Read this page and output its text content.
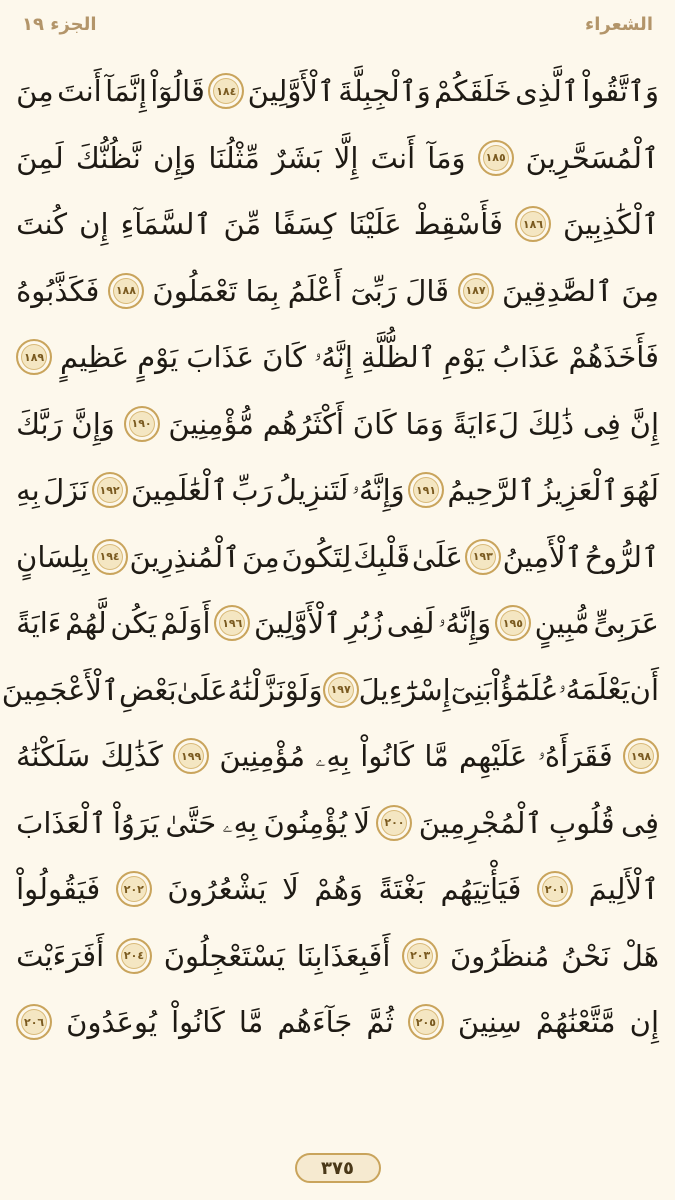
الجزء ١٩	الشعراء
وَٱتَّقُواْ
ٱلَّذِى
خَلَقَكُمْ
وَٱلْجِبِلَّةَ
ٱلْأَوَّلِينَ
١٨٤
قَالُوٓاْ
إِنَّمَآ
أَنتَ
مِنَ
ٱلْمُسَحَّرِينَ
١٨٥
وَمَآ
أَنتَ
إِلَّا
بَشَرٌ
مِّثْلُنَا
وَإِن
نَّظُنُّكَ
لَمِنَ
ٱلْكَٰذِبِينَ
١٨٦
فَأَسْقِطْ
عَلَيْنَا
كِسَفًا
مِّنَ
ٱلسَّمَآءِ
إِن
كُنتَ
مِنَ
ٱلصَّٰدِقِينَ
١٨٧
قَالَ
رَبِّىٓ
أَعْلَمُ
بِمَا
تَعْمَلُونَ
١٨٨
فَكَذَّبُوهُ
فَأَخَذَهُمْ
عَذَابُ
يَوْمِ
ٱلظُّلَّةِ
إِنَّهُۥ
كَانَ
عَذَابَ
يَوْمٍ
عَظِيمٍ
١٨٩
إِنَّ
فِى
ذَٰلِكَ
لَءَايَةً
وَمَا
كَانَ
أَكْثَرُهُم
مُّؤْمِنِينَ
١٩٠
وَإِنَّ
رَبَّكَ
لَهُوَ
ٱلْعَزِيزُ
ٱلرَّحِيمُ
١٩١
وَإِنَّهُۥ
لَتَنزِيلُ
رَبِّ
ٱلْعَٰلَمِينَ
١٩٢
نَزَلَ
بِهِ
ٱلرُّوحُ
ٱلْأَمِينُ
١٩٣
عَلَىٰ
قَلْبِكَ
لِتَكُونَ
مِنَ
ٱلْمُنذِرِينَ
١٩٤
بِلِسَانٍ
عَرَبِىٍّ
مُّبِينٍ
١٩٥
وَإِنَّهُۥ
لَفِى
زُبُرِ
ٱلْأَوَّلِينَ
١٩٦
أَوَلَمْ
يَكُن
لَّهُمْ
ءَايَةً
أَن
يَعْلَمَهُۥ
عُلَمَٰٓؤُاْ
بَنِىٓ
إِسْرَٰٓءِيلَ
١٩٧
وَلَوْ
نَزَّلْنَٰهُ
عَلَىٰ
بَعْضِ
ٱلْأَعْجَمِينَ
١٩٨
فَقَرَأَهُۥ
عَلَيْهِم
مَّا
كَانُواْ
بِهِۦ
مُؤْمِنِينَ
١٩٩
كَذَٰلِكَ
سَلَكْنَٰهُ
فِى
قُلُوبِ
ٱلْمُجْرِمِينَ
٢٠٠
لَا
يُؤْمِنُونَ
بِهِۦ
حَتَّىٰ
يَرَوُاْ
ٱلْعَذَابَ
ٱلْأَلِيمَ
٢٠١
فَيَأْتِيَهُم
بَغْتَةً
وَهُمْ
لَا
يَشْعُرُونَ
٢٠٢
فَيَقُولُواْ
هَلْ
نَحْنُ
مُنظَرُونَ
٢٠٣
أَفَبِعَذَابِنَا
يَسْتَعْجِلُونَ
٢٠٤
أَفَرَءَيْتَ
إِن
مَّتَّعْنَٰهُمْ
سِنِينَ
٢٠٥
ثُمَّ
جَآءَهُم
مَّا
كَانُواْ
يُوعَدُونَ
٢٠٦
٣٧٥
